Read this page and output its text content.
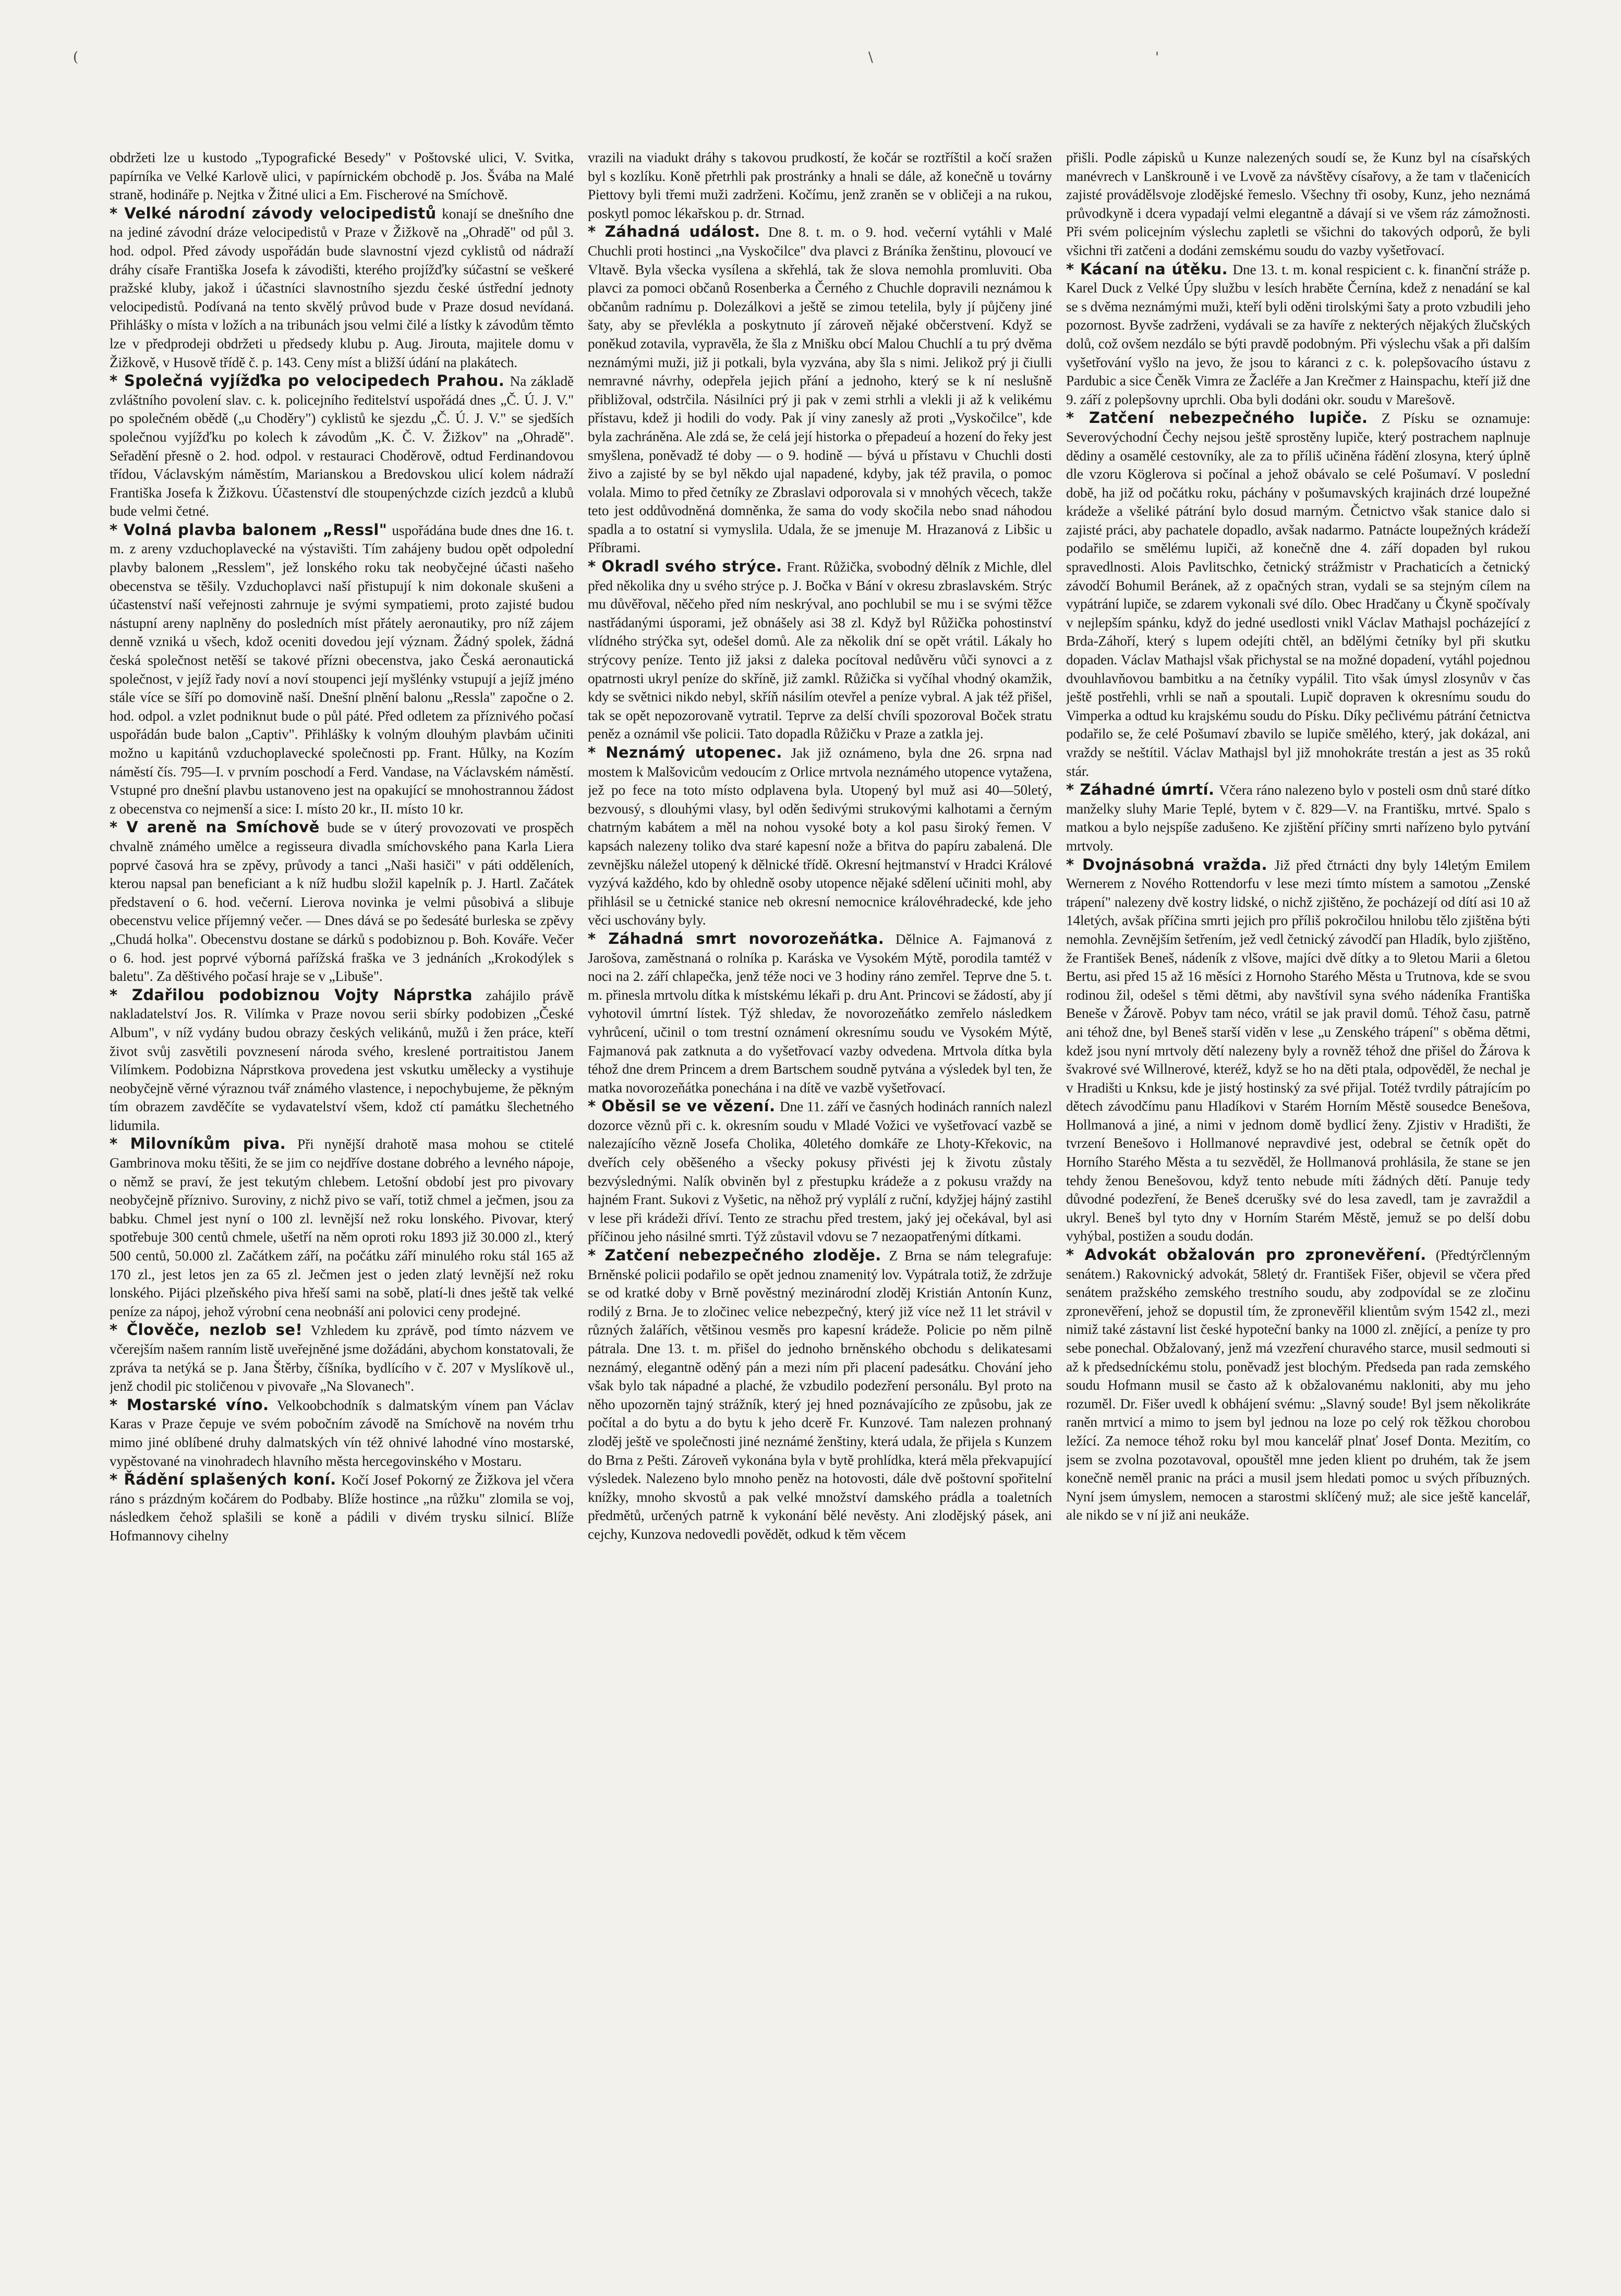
(	\	'

obdržeti lze u kustodo „Typografické Besedy" v Poštovské ulici, V. Svitka, papírníka ve Velké Karlově ulici, v papírnickém obchodě p. Jos. Švába na Malé straně, hodináře p. Nejtka v Žitné ulici a Em. Fischerové na Smíchově.

* Velké národní závody velocipedistů konají se dnešního dne na jediné závodní dráze velocipedistů v Praze v Žižkově na „Ohradě" od půl 3. hod. odpol. Před závody uspořádán bude slavnostní vjezd cyklistů od nádraží dráhy císaře Františka Josefa k závodišti, kterého projížďky súčastní se veškeré pražské kluby, jakož i účastníci slavnostního sjezdu české ústřední jednoty velocipedistů. Podívaná na tento skvělý průvod bude v Praze dosud nevídaná. Přihlášky o místa v ložích a na tribunách jsou velmi čilé a lístky k závodům těmto lze v předprodeji obdržeti u předsedy klubu p. Aug. Jirouta, majitele domu v Žižkově, v Husově třídě č. p. 143. Ceny míst a bližší údání na plakátech.

* Společná vyjížďka po velocipedech Prahou. Na základě zvláštního povolení slav. c. k. policejního ředitelství uspořádá dnes „Č. Ú. J. V." po společném obědě („u Choděry") cyklistů ke sjezdu „Č. Ú. J. V." se sjedších společnou vyjížďku po kolech k závodům „K. Č. V. Žižkov" na „Ohradě". Seřadění přesně o 2. hod. odpol. v restauraci Choděrově, odtud Ferdinandovou třídou, Václavským náměstím, Marianskou a Bredovskou ulicí kolem nádraží Františka Josefa k Žižkovu. Účastenství dle stoupenýchzde cizích jezdců a klubů bude velmi četné.

* Volná plavba balonem „Ressl" uspořádána bude dnes dne 16. t. m. z areny vzduchoplavecké na výstavišti. Tím zahájeny budou opět odpolední plavby balonem „Resslem", jež lonského roku tak neobyčejné účasti našeho obecenstva se těšily. Vzduchoplavci naší přistupují k nim dokonale skušeni a účastenství naší veřejnosti zahrnuje je svými sympatiemi, proto zajisté budou nástupní areny naplněny do posledních míst přátely aeronautiky, pro níž zájem denně vzniká u všech, kdož oceniti dovedou její význam. Žádný spolek, žádná česká společnost netěší se takové přízni obecenstva, jako Česká aeronautická společnost, v jejíž řady noví a noví stoupenci její myšlénky vstupují a jejíž jméno stále více se šíří po domovině naší. Dnešní plnění balonu „Ressla" započne o 2. hod. odpol. a vzlet podniknut bude o půl páté. Před odletem za příznivého počasí uspořádán bude balon „Captiv". Přihlášky k volným dlouhým plavbám učiniti možno u kapitánů vzduchoplavecké společnosti pp. Frant. Hůlky, na Kozím náměstí čís. 795—I. v prvním poschodí a Ferd. Vandase, na Václavském náměstí. Vstupné pro dnešní plavbu ustanoveno jest na opakující se mnohostrannou žádost z obecenstva co nejmenší a sice: I. místo 20 kr., II. místo 10 kr.

* V areně na Smíchově bude se v úterý provozovati ve prospěch chvalně známého umělce a regisseura divadla smíchovského pana Karla Liera poprvé časová hra se zpěvy, průvody a tanci „Naši hasiči" v páti odděleních, kterou napsal pan beneficiant a k níž hudbu složil kapelník p. J. Hartl. Začátek představení o 6. hod. večerní. Lierova novinka je velmi působivá a slibuje obecenstvu velice příjemný večer. — Dnes dává se po šedesáté burleska se zpěvy „Chudá holka". Obecenstvu dostane se dárků s podobiznou p. Boh. Kováře. Večer o 6. hod. jest poprvé výborná pařížská fraška ve 3 jednáních „Krokodýlek s baletu". Za děštivého počasí hraje se v „Libuše".

* Zdařilou podobiznou Vojty Náprstka zahájilo právě nakladatelství Jos. R. Vilímka v Praze novou serii sbírky podobizen „České Album", v níž vydány budou obrazy českých velikánů, mužů i žen práce, kteří život svůj zasvětili povznesení národa svého, kreslené portraitistou Janem Vilímkem. Podobizna Náprstkova provedena jest vskutku umělecky a vystihuje neobyčejně věrné výraznou tvář známého vlastence, i nepochybujeme, že pěkným tím obrazem zavděčíte se vydavatelství všem, kdož ctí památku šlechetného lidumila.

* Milovníkům piva. Při nynější drahotě masa mohou se ctitelé Gambrinova moku těšiti, že se jim co nejdříve dostane dobrého a levného nápoje, o němž se praví, že jest tekutým chlebem. Letošní období jest pro pivovary neobyčejně příznivo. Suroviny, z nichž pivo se vaří, totiž chmel a ječmen, jsou za babku. Chmel jest nyní o 100 zl. levnější než roku lonského. Pivovar, který spotřebuje 300 centů chmele, ušetří na něm oproti roku 1893 již 30.000 zl., který 500 centů, 50.000 zl. Začátkem září, na počátku září minulého roku stál 165 až 170 zl., jest letos jen za 65 zl. Ječmen jest o jeden zlatý levnější než roku lonského. Pijáci plzeňského piva hřeší sami na sobě, platí-li dnes ještě tak velké peníze za nápoj, jehož výrobní cena neobnáší ani polovici ceny prodejné.

* Člověče, nezlob se! Vzhledem ku zprávě, pod tímto názvem ve včerejším našem ranním listě uveřejněné jsme dožádáni, abychom konstatovali, že zpráva ta netýká se p. Jana Štěrby, číšníka, bydlícího v č. 207 v Myslíkově ul., jenž chodil pic stoličenou v pivovaře „Na Slovanech".

* Mostarské víno. Velkoobchodník s dalmatským vínem pan Václav Karas v Praze čepuje ve svém pobočním závodě na Smíchově na novém trhu mimo jiné oblíbené druhy dalmatských vín též ohnivé lahodné víno mostarské, vypěstované na vinohradech hlavního města hercegovinského v Mostaru.

* Řádění splašených koní. Kočí Josef Pokorný ze Žižkova jel včera ráno s prázdným kočárem do Podbaby. Blíže hostince „na růžku" zlomila se voj, následkem čehož splašili se koně a pádili v divém trysku silnicí. Blíže Hofmannovy cihelny

vrazili na viadukt dráhy s takovou prudkostí, že kočár se roztříštil a kočí sražen byl s kozlíku. Koně přetrhli pak prostránky a hnali se dále, až konečně u továrny Piettovy byli třemi muži zadrženi. Kočímu, jenž zraněn se v obličeji a na rukou, poskytl pomoc lékařskou p. dr. Strnad.

* Záhadná událost. Dne 8. t. m. o 9. hod. večerní vytáhli v Malé Chuchli proti hostinci „na Vyskočilce" dva plavci z Bráníka ženštinu, plovoucí ve Vltavě. Byla všecka vysílena a skřehlá, tak že slova nemohla promluviti. Oba plavci za pomoci občanů Rosenberka a Černého z Chuchle dopravili neznámou k občanům radnímu p. Dolezálkovi a ještě se zimou tetelila, byly jí půjčeny jiné šaty, aby se převlékla a poskytnuto jí zároveň nějaké občerstvení. Když se poněkud zotavila, vypravěla, že šla z Mnišku obcí Malou Chuchlí a tu prý dvěma neznámými muži, již ji potkali, byla vyzvána, aby šla s nimi. Jelikož prý ji čiulli nemravné návrhy, odepřela jejich přání a jednoho, který se k ní neslušně přibližoval, odstrčila. Násilníci prý ji pak v zemi strhli a vlekli ji až k velikému přístavu, kdež ji hodili do vody. Pak jí viny zanesly až proti „Vyskočilce", kde byla zachráněna. Ale zdá se, že celá její historka o přepadeuí a hození do řeky jest smyšlena, poněvadž té doby — o 9. hodině — bývá u přístavu v Chuchli dosti živo a zajisté by se byl někdo ujal napadené, kdyby, jak též pravila, o pomoc volala. Mimo to před četníky ze Zbraslavi odporovala si v mnohých věcech, takže teto jest oddůvodněná domněnka, že sama do vody skočila nebo snad náhodou spadla a to ostatní si vymyslila. Udala, že se jmenuje M. Hrazanová z Libšic u Příbrami.

* Okradl svého strýce. Frant. Růžička, svobodný dělník z Michle, dlel před několika dny u svého strýce p. J. Bočka v Bání v okresu zbraslavském. Strýc mu důvěřoval, něčeho před ním neskrýval, ano pochlubil se mu i se svými těžce nastřádanými úsporami, jež obnášely asi 38 zl. Když byl Růžička pohostinství vlídného strýčka syt, odešel domů. Ale za několik dní se opět vrátil. Lákaly ho strýcovy peníze. Tento již jaksi z daleka pocítoval nedůvěru vůči synovci a z opatrnosti ukryl peníze do skříně, již zamkl. Růžička si vyčíhal vhodný okamžik, kdy se světnici nikdo nebyl, skříň násilím otevřel a peníze vybral. A jak též přišel, tak se opět nepozorovaně vytratil. Teprve za delší chvíli spozoroval Boček stratu peněz a oznámil vše policii. Tato dopadla Růžičku v Praze a zatkla jej.

* Neznámý utopenec. Jak již oznámeno, byla dne 26. srpna nad mostem k Malšovicům vedoucím z Orlice mrtvola neznámého utopence vytažena, jež po fece na toto místo odplavena byla. Utopený byl muž asi 40—50letý, bezvousý, s dlouhými vlasy, byl oděn šedivými strukovými kalhotami a černým chatrným kabátem a měl na nohou vysoké boty a kol pasu široký řemen. V kapsách nalezeny toliko dva staré kapesní nože a břitva do papíru zabalená. Dle zevnějšku náležel utopený k dělnické třídě. Okresní hejtmanství v Hradci Králové vyzývá každého, kdo by ohledně osoby utopence nějaké sdělení učiniti mohl, aby přihlásil se u četnické stanice neb okresní nemocnice královéhradecké, kde jeho věci uschovány byly.

* Záhadná smrt novorozeňátka. Dělnice A. Fajmanová z Jarošova, zaměstnaná o rolníka p. Karáska ve Vysokém Mýtě, porodila tamtéž v noci na 2. září chlapečka, jenž téže noci ve 3 hodiny ráno zemřel. Teprve dne 5. t. m. přinesla mrtvolu dítka k místskému lékaři p. dru Ant. Princovi se žádostí, aby jí vyhotovil úmrtní lístek. Týž shledav, že novorozeňátko zemřelo následkem vyhrůcení, učinil o tom trestní oznámení okresnímu soudu ve Vysokém Mýtě, Fajmanová pak zatknuta a do vyšetřovací vazby odvedena. Mrtvola dítka byla téhož dne drem Princem a drem Bartschem soudně pytvána a výsledek byl ten, že matka novorozeňátka ponechána i na dítě ve vazbě vyšetřovací.

* Oběsil se ve vězení. Dne 11. září ve časných hodinách ranních nalezl dozorce věznů při c. k. okresním soudu v Mladé Vožici ve vyšetřovací vazbě se nalezajícího vězně Josefa Cholika, 40letého domkáře ze Lhoty-Křekovic, na dveřích cely oběšeného a všecky pokusy přivésti jej k životu zůstaly bezvýslednými. Nalík obviněn byl z přestupku krádeže a z pokusu vraždy na hajném Frant. Sukovi z Vyšetic, na něhož prý vyplálí z ruční, kdyžjej hájný zastihl v lese při krádeži dříví. Tento ze strachu před trestem, jaký jej očekával, byl asi příčinou jeho násilné smrti. Týž zůstavil vdovu se 7 nezaopatřenými dítkami.

* Zatčení nebezpečného zloděje. Z Brna se nám telegrafuje: Brněnské policii podařilo se opět jednou znamenitý lov. Vypátrala totiž, že zdržuje se od kratké doby v Brně pověstný mezinárodní zloděj Kristián Antonín Kunz, rodilý z Brna. Je to zločinec velice nebezpečný, který již více než 11 let strávil v různých žalářích, většinou vesměs pro kapesní krádeže. Policie po něm pilně pátrala. Dne 13. t. m. přišel do jednoho brněnského obchodu s delikatesami neznámý, elegantně oděný pán a mezi ním při placení padesátku. Chování jeho však bylo tak nápadné a plaché, že vzbudilo podezření personálu. Byl proto na něho upozorněn tajný strážník, který jej hned poznávajícího ze způsobu, jak ze počítal a do bytu a do bytu k jeho dcerě Fr. Kunzové. Tam nalezen prohnaný zloděj ještě ve společnosti jiné neznámé ženštiny, která udala, že přijela s Kunzem do Brna z Pešti. Zároveň vykonána byla v bytě prohlídka, která měla překvapující výsledek. Nalezeno bylo mnoho peněz na hotovosti, dále dvě poštovní spořitelní knížky, mnoho skvostů a pak velké množství damského prádla a toaletních předmětů, určených patrně k vykonání bělé nevěsty. Ani zlodějský pásek, ani cejchy, Kunzova nedovedli povědět, odkud k těm věcem

přišli. Podle zápisků u Kunze nalezených soudí se, že Kunz byl na císařských manévrech v Lanškrouně i ve Lvově za návštěvy císařovy, a že tam v tlačenicích zajisté provádělsvoje zlodějské řemeslo. Všechny tři osoby, Kunz, jeho neznámá průvodkyně i dcera vypadají velmi elegantně a dávají si ve všem ráz zámožnosti. Při svém policejním výslechu zapletli se všichni do takových odporů, že byli všichni tři zatčeni a dodáni zemskému soudu do vazby vyšetřovací.

* Kácaní na útěku. Dne 13. t. m. konal respicient c. k. finanční stráže p. Karel Duck z Velké Úpy službu v lesích hraběte Černína, kdež z nenadání se kal se s dvěma neznámými muži, kteří byli oděni tirolskými šaty a proto vzbudili jeho pozornost. Byvše zadrženi, vydávali se za havíře z nekterých nějakých žlučských dolů, což ovšem nezdálo se býti pravdě podobným. Při výslechu však a při dalším vyšetřování vyšlo na jevo, že jsou to káranci z c. k. polepšovacího ústavu z Pardubic a sice Čeněk Vimra ze Žacléře a Jan Krečmer z Hainspachu, kteří již dne 9. září z polepšovny uprchli. Oba byli dodáni okr. soudu v Marešově.

* Zatčení nebezpečného lupiče. Z Písku se oznamuje: Severovýchodní Čechy nejsou ještě sprostěny lupiče, který postrachem naplnuje dědiny a osamělé cestovníky, ale za to příliš učiněna řádění zlosyna, který úplně dle vzoru Köglerova si počínal a jehož obávalo se celé Pošumaví. V poslední době, ha již od počátku roku, páchány v pošumavských krajinách drzé loupežné krádeže a všeliké pátrání bylo dosud marným. Četnictvo však stanice dalo si zajisté práci, aby pachatele dopadlo, avšak nadarmo. Patnácte loupežných krádeží podařilo se smělému lupiči, až konečně dne 4. září dopaden byl rukou spravedlnosti. Alois Pavlitschko, četnický strážmistr v Prachaticích a četnický závodčí Bohumil Beránek, až z opačných stran, vydali se sa stejným cílem na vypátrání lupiče, se zdarem vykonali své dílo. Obec Hradčany u Čkyně spočívaly v nejlepším spánku, když do jedné usedlosti vnikl Václav Mathajsl pocházející z Brda-Záhoří, který s lupem odejíti chtěl, an bdělými četníky byl při skutku dopaden. Václav Mathajsl však přichystal se na možné dopadení, vytáhl pojednou dvouhlavňovou bambitku a na četníky vypálil. Tito však úmysl zlosynův v čas ještě postřehli, vrhli se naň a spoutali. Lupič dopraven k okresnímu soudu do Vimperka a odtud ku krajskému soudu do Písku. Díky pečlivému pátrání četnictva podařilo se, že celé Pošumaví zbavilo se lupiče smělého, který, jak dokázal, ani vraždy se neštítil. Václav Mathajsl byl již mnohokráte trestán a jest as 35 roků stár.

* Záhadné úmrtí. Včera ráno nalezeno bylo v posteli osm dnů staré dítko manželky sluhy Marie Teplé, bytem v č. 829—V. na Františku, mrtvé. Spalo s matkou a bylo nejspíše zadušeno. Ke zjištění příčiny smrti nařízeno bylo pytvání mrtvoly.

* Dvojnásobná vražda. Již před čtrnácti dny byly 14letým Emilem Wernerem z Nového Rottendorfu v lese mezi tímto místem a samotou „Zenské trápení" nalezeny dvě kostry lidské, o nichž zjištěno, že pocházejí od dítí asi 10 až 14letých, avšak příčina smrti jejich pro příliš pokročilou hnilobu tělo zjištěna býti nemohla. Zevnějším šetřením, jež vedl četnický závodčí pan Hladík, bylo zjištěno, že František Beneš, nádeník z vlšove, majíci dvě dítky a to 9letou Marii a 6letou Bertu, asi před 15 až 16 měsíci z Hornoho Starého Města u Trutnova, kde se svou rodinou žil, odešel s těmi dětmi, aby navštívil syna svého nádeníka Františka Beneše v Žárově. Pobyv tam néco, vrátil se jak pravil domů. Téhož času, patrně ani téhož dne, byl Beneš starší viděn v lese „u Zenského trápení" s oběma dětmi, kdež jsou nyní mrtvoly dětí nalezeny byly a rovněž téhož dne přišel do Žárova k švakrové své Willnerové, kteréž, když se ho na děti ptala, odpověděl, že nechal je v Hradišti u Knksu, kde je jistý hostinský za své přijal. Totéž tvrdily pátrajícím po dětech závodčímu panu Hladíkovi v Starém Horním Městě sousedce Benešova, Hollmanová a jiné, a nimi v jednom domě bydlicí ženy. Zjistiv v Hradišti, že tvrzení Benešovo i Hollmanové nepravdivé jest, odebral se četník opět do Horního Starého Města a tu sezvěděl, že Hollmanová prohlásila, že stane se jen tehdy ženou Benešovou, když tento nebude míti žádných dětí. Panuje tedy důvodné podezření, že Beneš dcerušky své do lesa zavedl, tam je zavraždil a ukryl. Beneš byl tyto dny v Horním Starém Městě, jemuž se po delší dobu vyhýbal, postižen a soudu dodán.

* Advokát obžalován pro zpronevěření. (Předtýrčlenným senátem.) Rakovnický advokát, 58letý dr. František Fišer, objevil se včera před senátem pražského zemského trestního soudu, aby zodpovídal se ze zločinu zpronevěření, jehož se dopustil tím, že zpronevěřil klientům svým 1542 zl., mezi nimiž také zástavní list české hypoteční banky na 1000 zl. znějící, a peníze ty pro sebe ponechal. Obžalovaný, jenž má vzezření churavého starce, musil sedmouti si až k předsedníckému stolu, poněvadž jest blochým. Předseda pan rada zemského soudu Hofmann musil se často až k obžalovanému nakloniti, aby mu jeho rozuměl. Dr. Fišer uvedl k obhájení svému: „Slavný soude! Byl jsem několikráte raněn mrtvicí a mimo to jsem byl jednou na loze po celý rok těžkou chorobou ležící. Za nemoce téhož roku byl mou kancelář plnať Josef Donta. Mezitím, co jsem se zvolna pozotavoval, opouštěl mne jeden klient po druhém, tak že jsem konečně neměl pranic na práci a musil jsem hledati pomoc u svých příbuzných. Nyní jsem úmyslem, nemocen a starostmi sklíčený muž; ale sice ještě kancelář, ale nikdo se v ní již ani neukáže.
